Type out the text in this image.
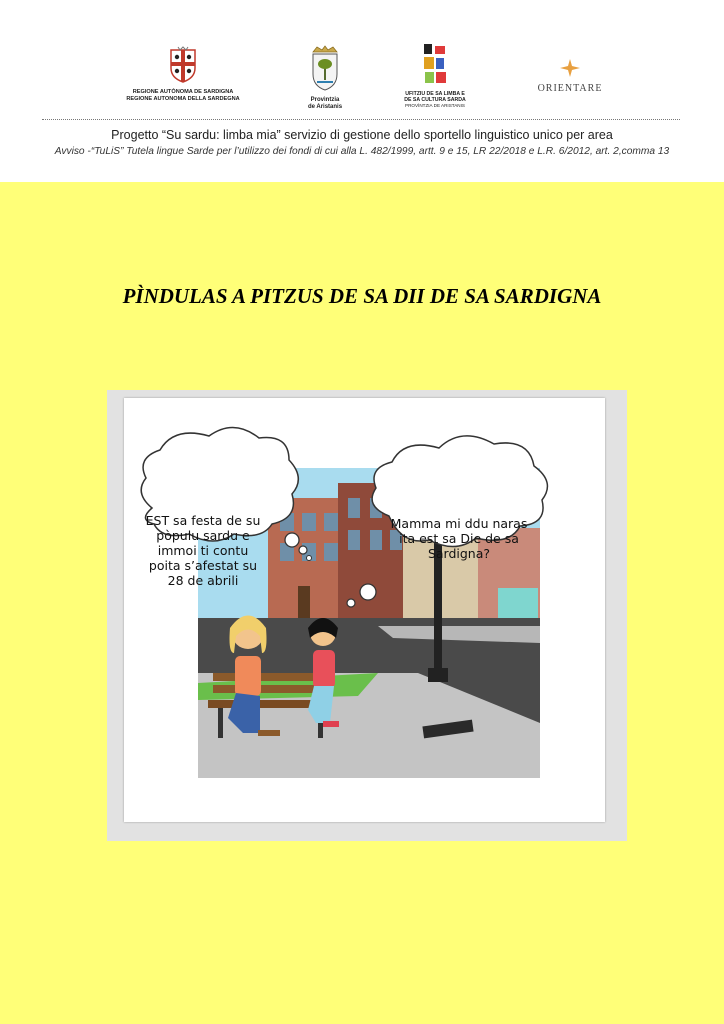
REGIONE AUTÒNOMA DE SARDIGNA
REGIONE AUTONOMA DELLA SARDEGNA	Provìntzia
de Aristanis
UFITZIU DE SA LIMBA E
DE SA CULTURA SARDA
PROVÌNTZIA DE ARISTANIS
ORIENTARE
Progetto “Su sardu: limba mia” servizio di gestione dello sportello linguistico unico per area
Avviso -“TuLiS” Tutela lingue Sarde per l’utilizzo dei fondi di cui alla L. 482/1999, artt. 9 e 15, LR 22/2018 e L.R. 6/2012, art. 2,comma 13
PÌNDULAS A PITZUS DE SA DII DE SA SARDIGNA
EST sa festa de su
pòpulu sardu e
immoi ti contu
poita s’afestat su
28 de abrili
Mamma mi ddu naras
ita est sa Die de sa
Sardigna?
